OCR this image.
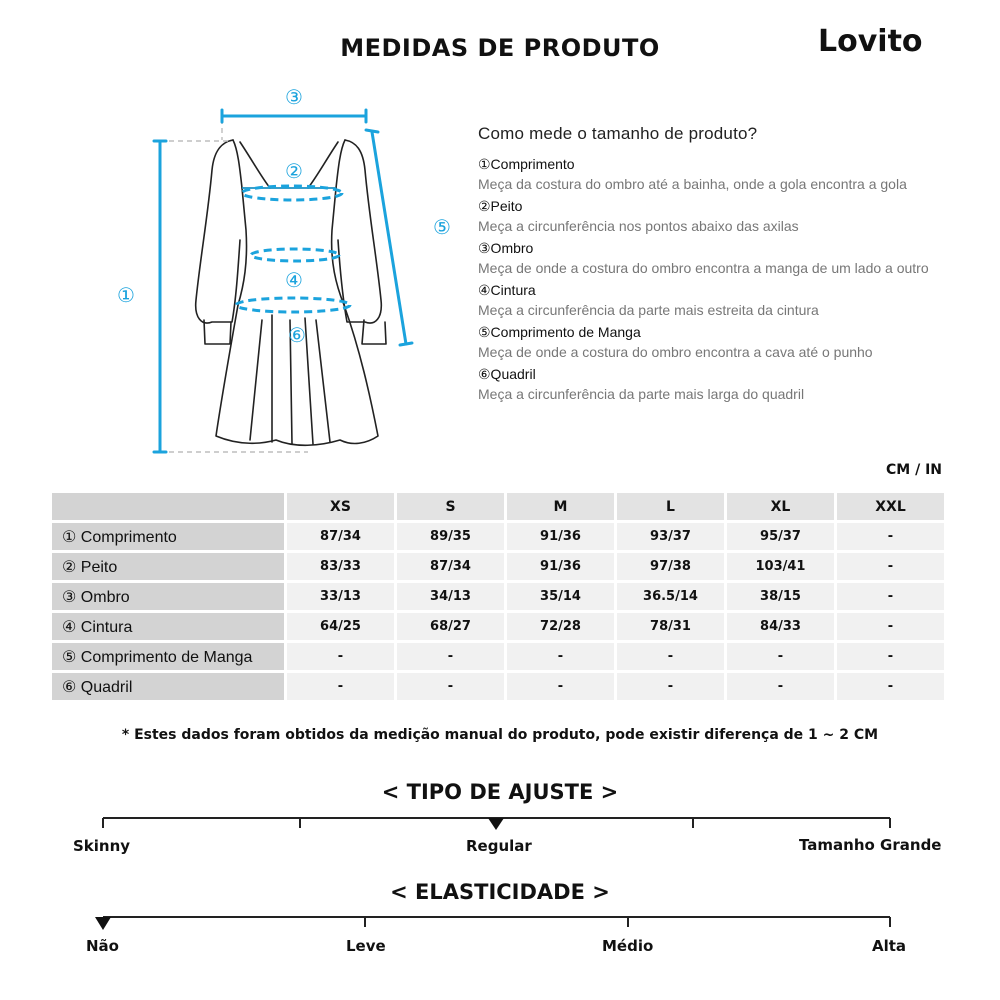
MEDIDAS DE PRODUTO	Lovito
①
②
③
④
⑤
⑥
Como mede o tamanho de produto?
①Comprimento
Meça da costura do ombro até a bainha, onde a gola encontra a gola
②Peito
Meça a circunferência nos pontos abaixo das axilas
③Ombro
Meça de onde a costura do ombro encontra a manga de um lado a outro
④Cintura
Meça a circunferência da parte mais estreita da cintura
⑤Comprimento de Manga
Meça de onde a costura do ombro encontra a cava até o punho
⑥Quadril
Meça a circunferência da parte mais larga do quadril
CM / IN
	XS	S	M	L	XL	XXL
① Comprimento	87/34	89/35	91/36	93/37	95/37	-
② Peito	83/33	87/34	91/36	97/38	103/41	-
③ Ombro	33/13	34/13	35/14	36.5/14	38/15	-
④ Cintura	64/25	68/27	72/28	78/31	84/33	-
⑤ Comprimento de Manga	-	-	-	-	-	-
⑥ Quadril	-	-	-	-	-	-
* Estes dados foram obtidos da medição manual do produto, pode existir diferença de 1 ~ 2 CM
< TIPO DE AJUSTE >
Skinny	Regular	Tamanho Grande
< ELASTICIDADE >
Não	Leve	Médio	Alta
